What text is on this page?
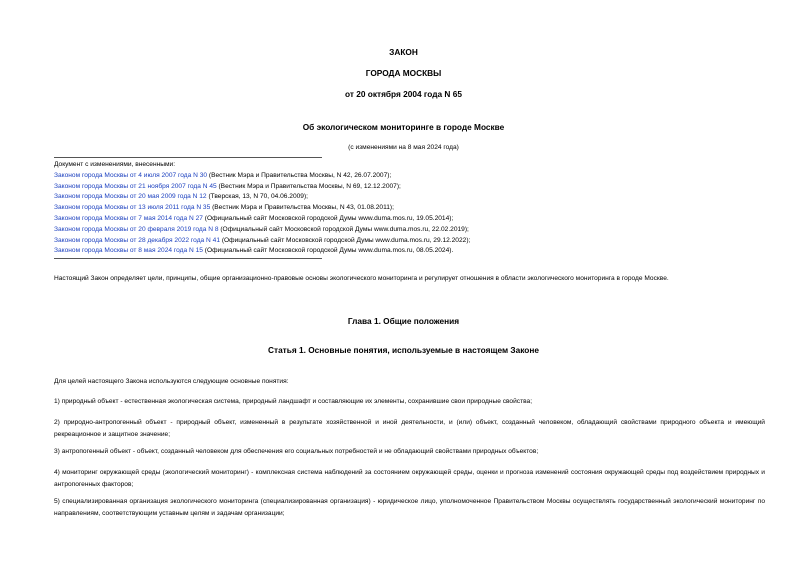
ЗАКОН
ГОРОДА МОСКВЫ
от 20 октября 2004 года N 65
Об экологическом мониторинге в городе Москве
(с изменениями на 8 мая 2024 года)
Документ с изменениями, внесенными:
Законом города Москвы от 4 июля 2007 года N 30 (Вестник Мэра и Правительства Москвы, N 42, 26.07.2007);
Законом города Москвы от 21 ноября 2007 года N 45 (Вестник Мэра и Правительства Москвы, N 69, 12.12.2007);
Законом города Москвы от 20 мая 2009 года N 12 (Тверская, 13, N 70, 04.06.2009);
Законом города Москвы от 13 июля 2011 года N 35 (Вестник Мэра и Правительства Москвы, N 43, 01.08.2011);
Законом города Москвы от 7 мая 2014 года N 27 (Официальный сайт Московской городской Думы www.duma.mos.ru, 19.05.2014);
Законом города Москвы от 20 февраля 2019 года N 8 (Официальный сайт Московской городской Думы www.duma.mos.ru, 22.02.2019);
Законом города Москвы от 28 декабря 2022 года N 41 (Официальный сайт Московской городской Думы www.duma.mos.ru, 29.12.2022);
Законом города Москвы от 8 мая 2024 года N 15 (Официальный сайт Московской городской Думы www.duma.mos.ru, 08.05.2024).
Настоящий Закон определяет цели, принципы, общие организационно-правовые основы экологического мониторинга и регулирует отношения в области экологического мониторинга в городе Москве.
Глава 1. Общие положения
Статья 1. Основные понятия, используемые в настоящем Законе
Для целей настоящего Закона используются следующие основные понятия:
1) природный объект - естественная экологическая система, природный ландшафт и составляющие их элементы, сохранившие свои природные свойства;
2) природно-антропогенный объект - природный объект, измененный в результате хозяйственной и иной деятельности, и (или) объект, созданный человеком, обладающий свойствами природного объекта и имеющий рекреационное и защитное значение;
3) антропогенный объект - объект, созданный человеком для обеспечения его социальных потребностей и не обладающий свойствами природных объектов;
4) мониторинг окружающей среды (экологический мониторинг) - комплексная система наблюдений за состоянием окружающей среды, оценки и прогноза изменений состояния окружающей среды под воздействием природных и антропогенных факторов;
5) специализированная организация экологического мониторинга (специализированная организация) - юридическое лицо, уполномоченное Правительством Москвы осуществлять государственный экологический мониторинг по направлениям, соответствующим уставным целям и задачам организации;
